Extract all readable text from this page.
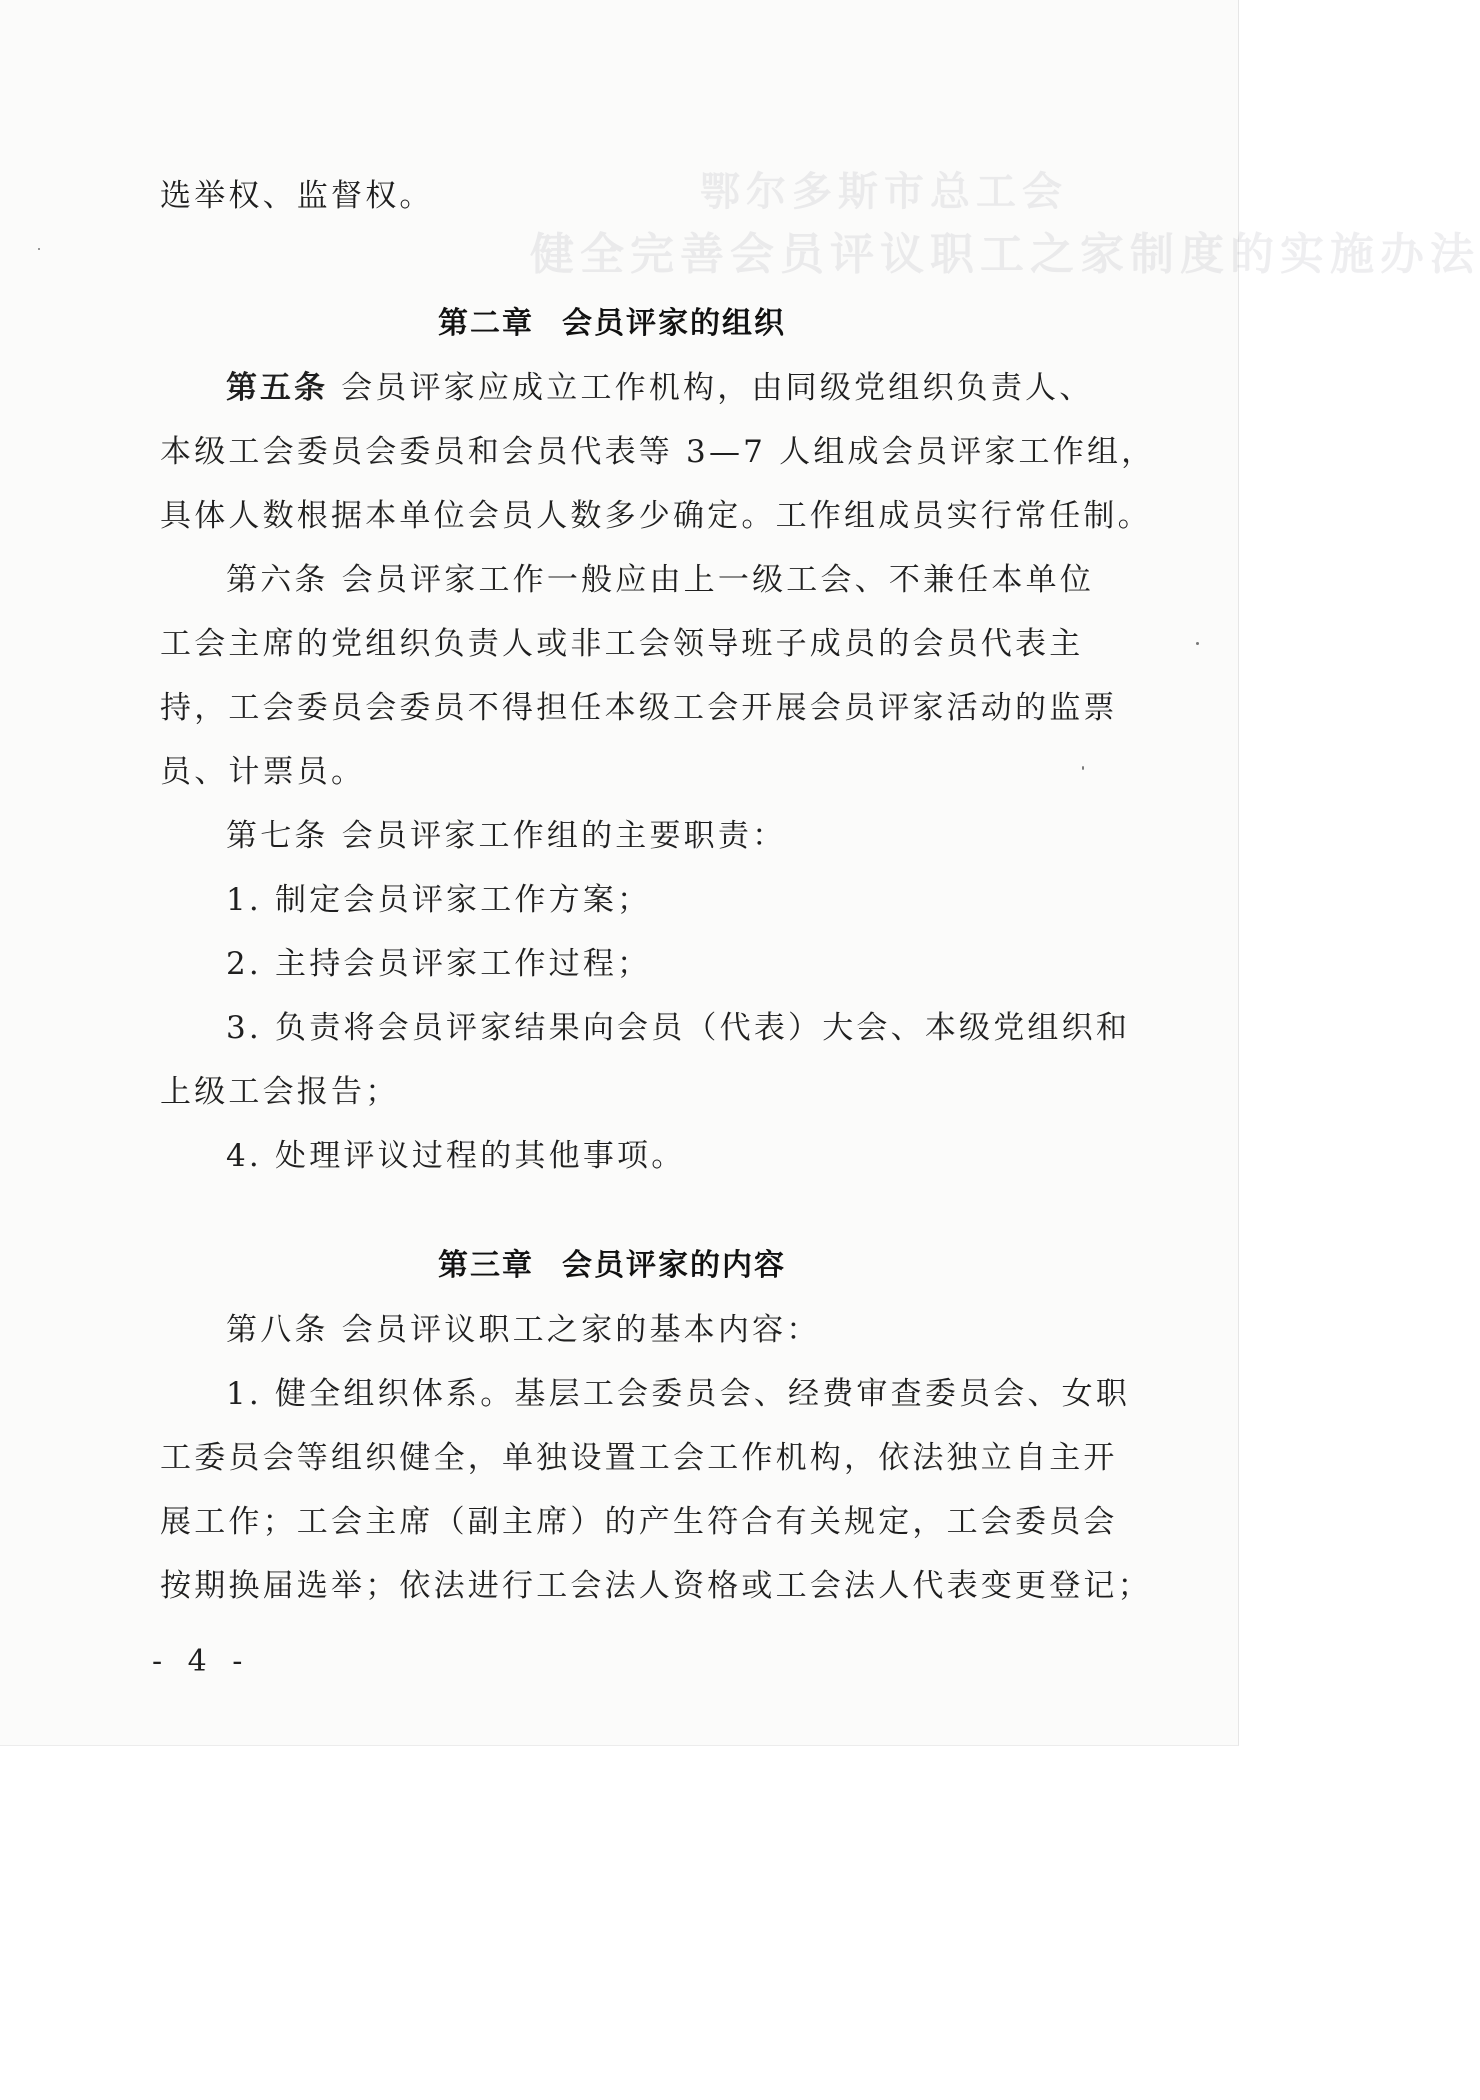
鄂尔多斯市总工会
健全完善会员评议职工之家制度的实施办法
选举权、监督权。
第二章 会员评家的组织
第五条 会员评家应成立工作机构，由同级党组织负责人、
本级工会委员会委员和会员代表等 3—7 人组成会员评家工作组，
具体人数根据本单位会员人数多少确定。工作组成员实行常任制。
第六条 会员评家工作一般应由上一级工会、不兼任本单位
工会主席的党组织负责人或非工会领导班子成员的会员代表主
持，工会委员会委员不得担任本级工会开展会员评家活动的监票
员、计票员。
第七条 会员评家工作组的主要职责：
1. 制定会员评家工作方案；
2. 主持会员评家工作过程；
3. 负责将会员评家结果向会员（代表）大会、本级党组织和
上级工会报告；
4. 处理评议过程的其他事项。
第三章 会员评家的内容
第八条 会员评议职工之家的基本内容：
1. 健全组织体系。基层工会委员会、经费审查委员会、女职
工委员会等组织健全，单独设置工会工作机构，依法独立自主开
展工作；工会主席（副主席）的产生符合有关规定，工会委员会
按期换届选举；依法进行工会法人资格或工会法人代表变更登记；
- 4 -
